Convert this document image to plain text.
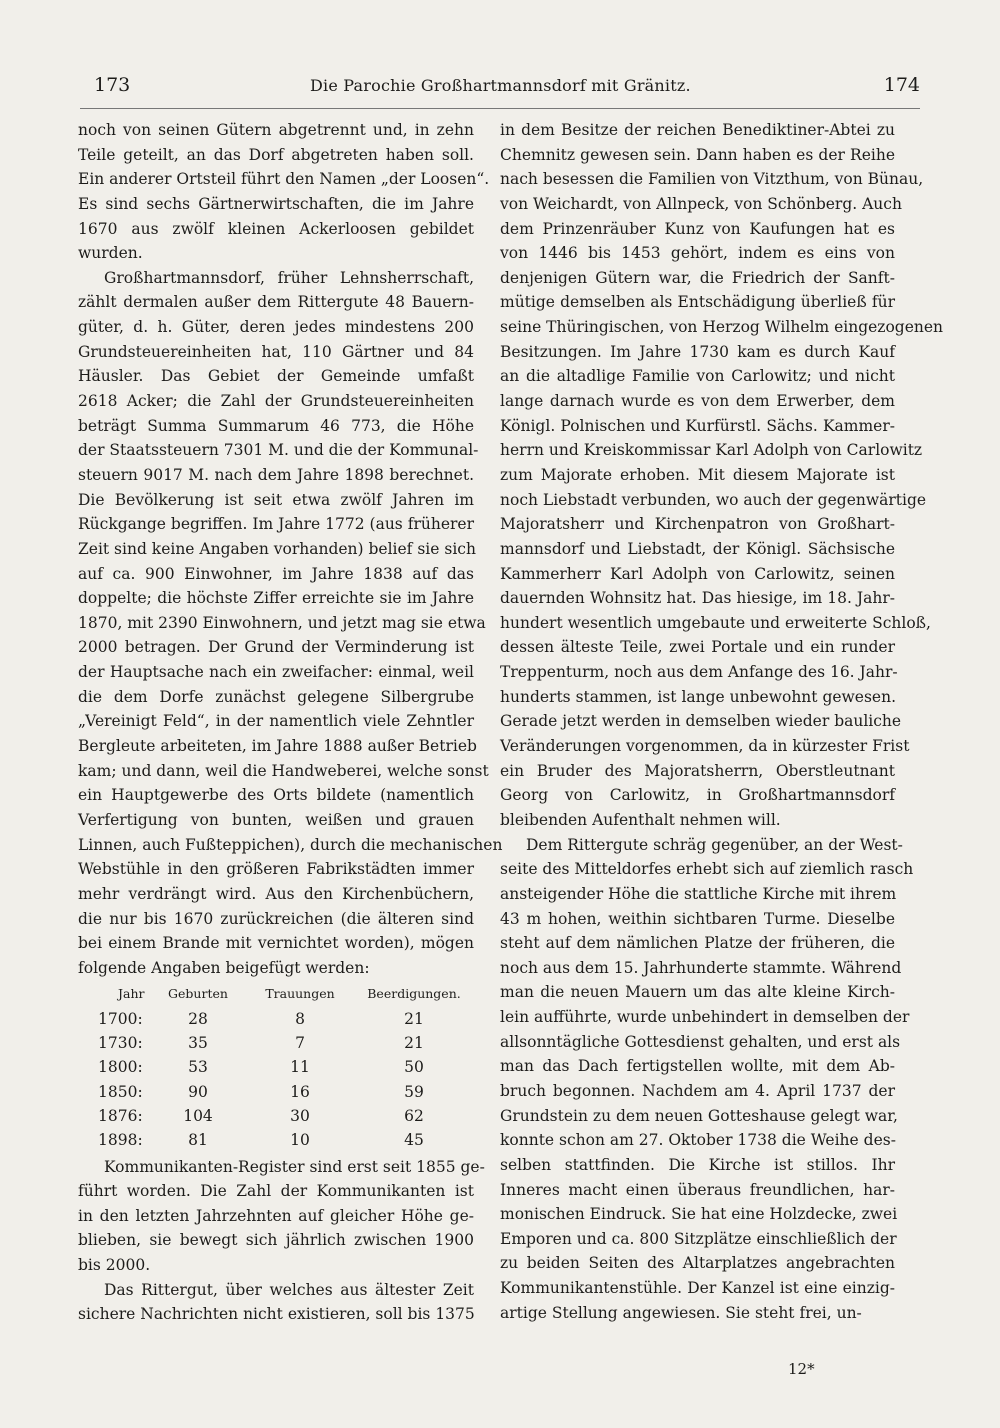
173	Die Parochie Großhartmannsdorf mit Gränitz.	174
noch von seinen Gütern abgetrennt und, in zehn
Teile geteilt, an das Dorf abgetreten haben soll.
Ein anderer Ortsteil führt den Namen „der Loosen“.
Es sind sechs Gärtnerwirtschaften, die im Jahre
1670 aus zwölf kleinen Ackerloosen gebildet
wurden.
Großhartmannsdorf, früher Lehnsherrschaft,
zählt dermalen außer dem Rittergute 48 Bauern-
güter, d. h. Güter, deren jedes mindestens 200
Grundsteuereinheiten hat, 110 Gärtner und 84
Häusler. Das Gebiet der Gemeinde umfaßt
2618 Acker; die Zahl der Grundsteuereinheiten
beträgt Summa Summarum 46 773, die Höhe
der Staatssteuern 7301 M. und die der Kommunal-
steuern 9017 M. nach dem Jahre 1898 berechnet.
Die Bevölkerung ist seit etwa zwölf Jahren im
Rückgange begriffen. Im Jahre 1772 (aus früherer
Zeit sind keine Angaben vorhanden) belief sie sich
auf ca. 900 Einwohner, im Jahre 1838 auf das
doppelte; die höchste Ziffer erreichte sie im Jahre
1870, mit 2390 Einwohnern, und jetzt mag sie etwa
2000 betragen. Der Grund der Verminderung ist
der Hauptsache nach ein zweifacher: einmal, weil
die dem Dorfe zunächst gelegene Silbergrube
„Vereinigt Feld“, in der namentlich viele Zehntler
Bergleute arbeiteten, im Jahre 1888 außer Betrieb
kam; und dann, weil die Handweberei, welche sonst
ein Hauptgewerbe des Orts bildete (namentlich
Verfertigung von bunten, weißen und grauen
Linnen, auch Fußteppichen), durch die mechanischen
Webstühle in den größeren Fabrikstädten immer
mehr verdrängt wird. Aus den Kirchenbüchern,
die nur bis 1670 zurückreichen (die älteren sind
bei einem Brande mit vernichtet worden), mögen
folgende Angaben beigefügt werden:
Jahr	Geburten	Trauungen	Beerdigungen.
1700:	28	8	21
1730:	35	7	21
1800:	53	11	50
1850:	90	16	59
1876:	104	30	62
1898:	81	10	45
Kommunikanten-Register sind erst seit 1855 ge-
führt worden. Die Zahl der Kommunikanten ist
in den letzten Jahrzehnten auf gleicher Höhe ge-
blieben, sie bewegt sich jährlich zwischen 1900
bis 2000.
Das Rittergut, über welches aus ältester Zeit
sichere Nachrichten nicht existieren, soll bis 1375
in dem Besitze der reichen Benediktiner-Abtei zu
Chemnitz gewesen sein. Dann haben es der Reihe
nach besessen die Familien von Vitzthum, von Bünau,
von Weichardt, von Allnpeck, von Schönberg. Auch
dem Prinzenräuber Kunz von Kaufungen hat es
von 1446 bis 1453 gehört, indem es eins von
denjenigen Gütern war, die Friedrich der Sanft-
mütige demselben als Entschädigung überließ für
seine Thüringischen, von Herzog Wilhelm eingezogenen
Besitzungen. Im Jahre 1730 kam es durch Kauf
an die altadlige Familie von Carlowitz; und nicht
lange darnach wurde es von dem Erwerber, dem
Königl. Polnischen und Kurfürstl. Sächs. Kammer-
herrn und Kreiskommissar Karl Adolph von Carlowitz
zum Majorate erhoben. Mit diesem Majorate ist
noch Liebstadt verbunden, wo auch der gegenwärtige
Majoratsherr und Kirchenpatron von Großhart-
mannsdorf und Liebstadt, der Königl. Sächsische
Kammerherr Karl Adolph von Carlowitz, seinen
dauernden Wohnsitz hat. Das hiesige, im 18. Jahr-
hundert wesentlich umgebaute und erweiterte Schloß,
dessen älteste Teile, zwei Portale und ein runder
Treppenturm, noch aus dem Anfange des 16. Jahr-
hunderts stammen, ist lange unbewohnt gewesen.
Gerade jetzt werden in demselben wieder bauliche
Veränderungen vorgenommen, da in kürzester Frist
ein Bruder des Majoratsherrn, Oberstleutnant
Georg von Carlowitz, in Großhartmannsdorf
bleibenden Aufenthalt nehmen will.
Dem Rittergute schräg gegenüber, an der West-
seite des Mitteldorfes erhebt sich auf ziemlich rasch
ansteigender Höhe die stattliche Kirche mit ihrem
43 m hohen, weithin sichtbaren Turme. Dieselbe
steht auf dem nämlichen Platze der früheren, die
noch aus dem 15. Jahrhunderte stammte. Während
man die neuen Mauern um das alte kleine Kirch-
lein aufführte, wurde unbehindert in demselben der
allsonntägliche Gottesdienst gehalten, und erst als
man das Dach fertigstellen wollte, mit dem Ab-
bruch begonnen. Nachdem am 4. April 1737 der
Grundstein zu dem neuen Gotteshause gelegt war,
konnte schon am 27. Oktober 1738 die Weihe des-
selben stattfinden. Die Kirche ist stillos. Ihr
Inneres macht einen überaus freundlichen, har-
monischen Eindruck. Sie hat eine Holzdecke, zwei
Emporen und ca. 800 Sitzplätze einschließlich der
zu beiden Seiten des Altarplatzes angebrachten
Kommunikantenstühle. Der Kanzel ist eine einzig-
artige Stellung angewiesen. Sie steht frei, un-
12*
